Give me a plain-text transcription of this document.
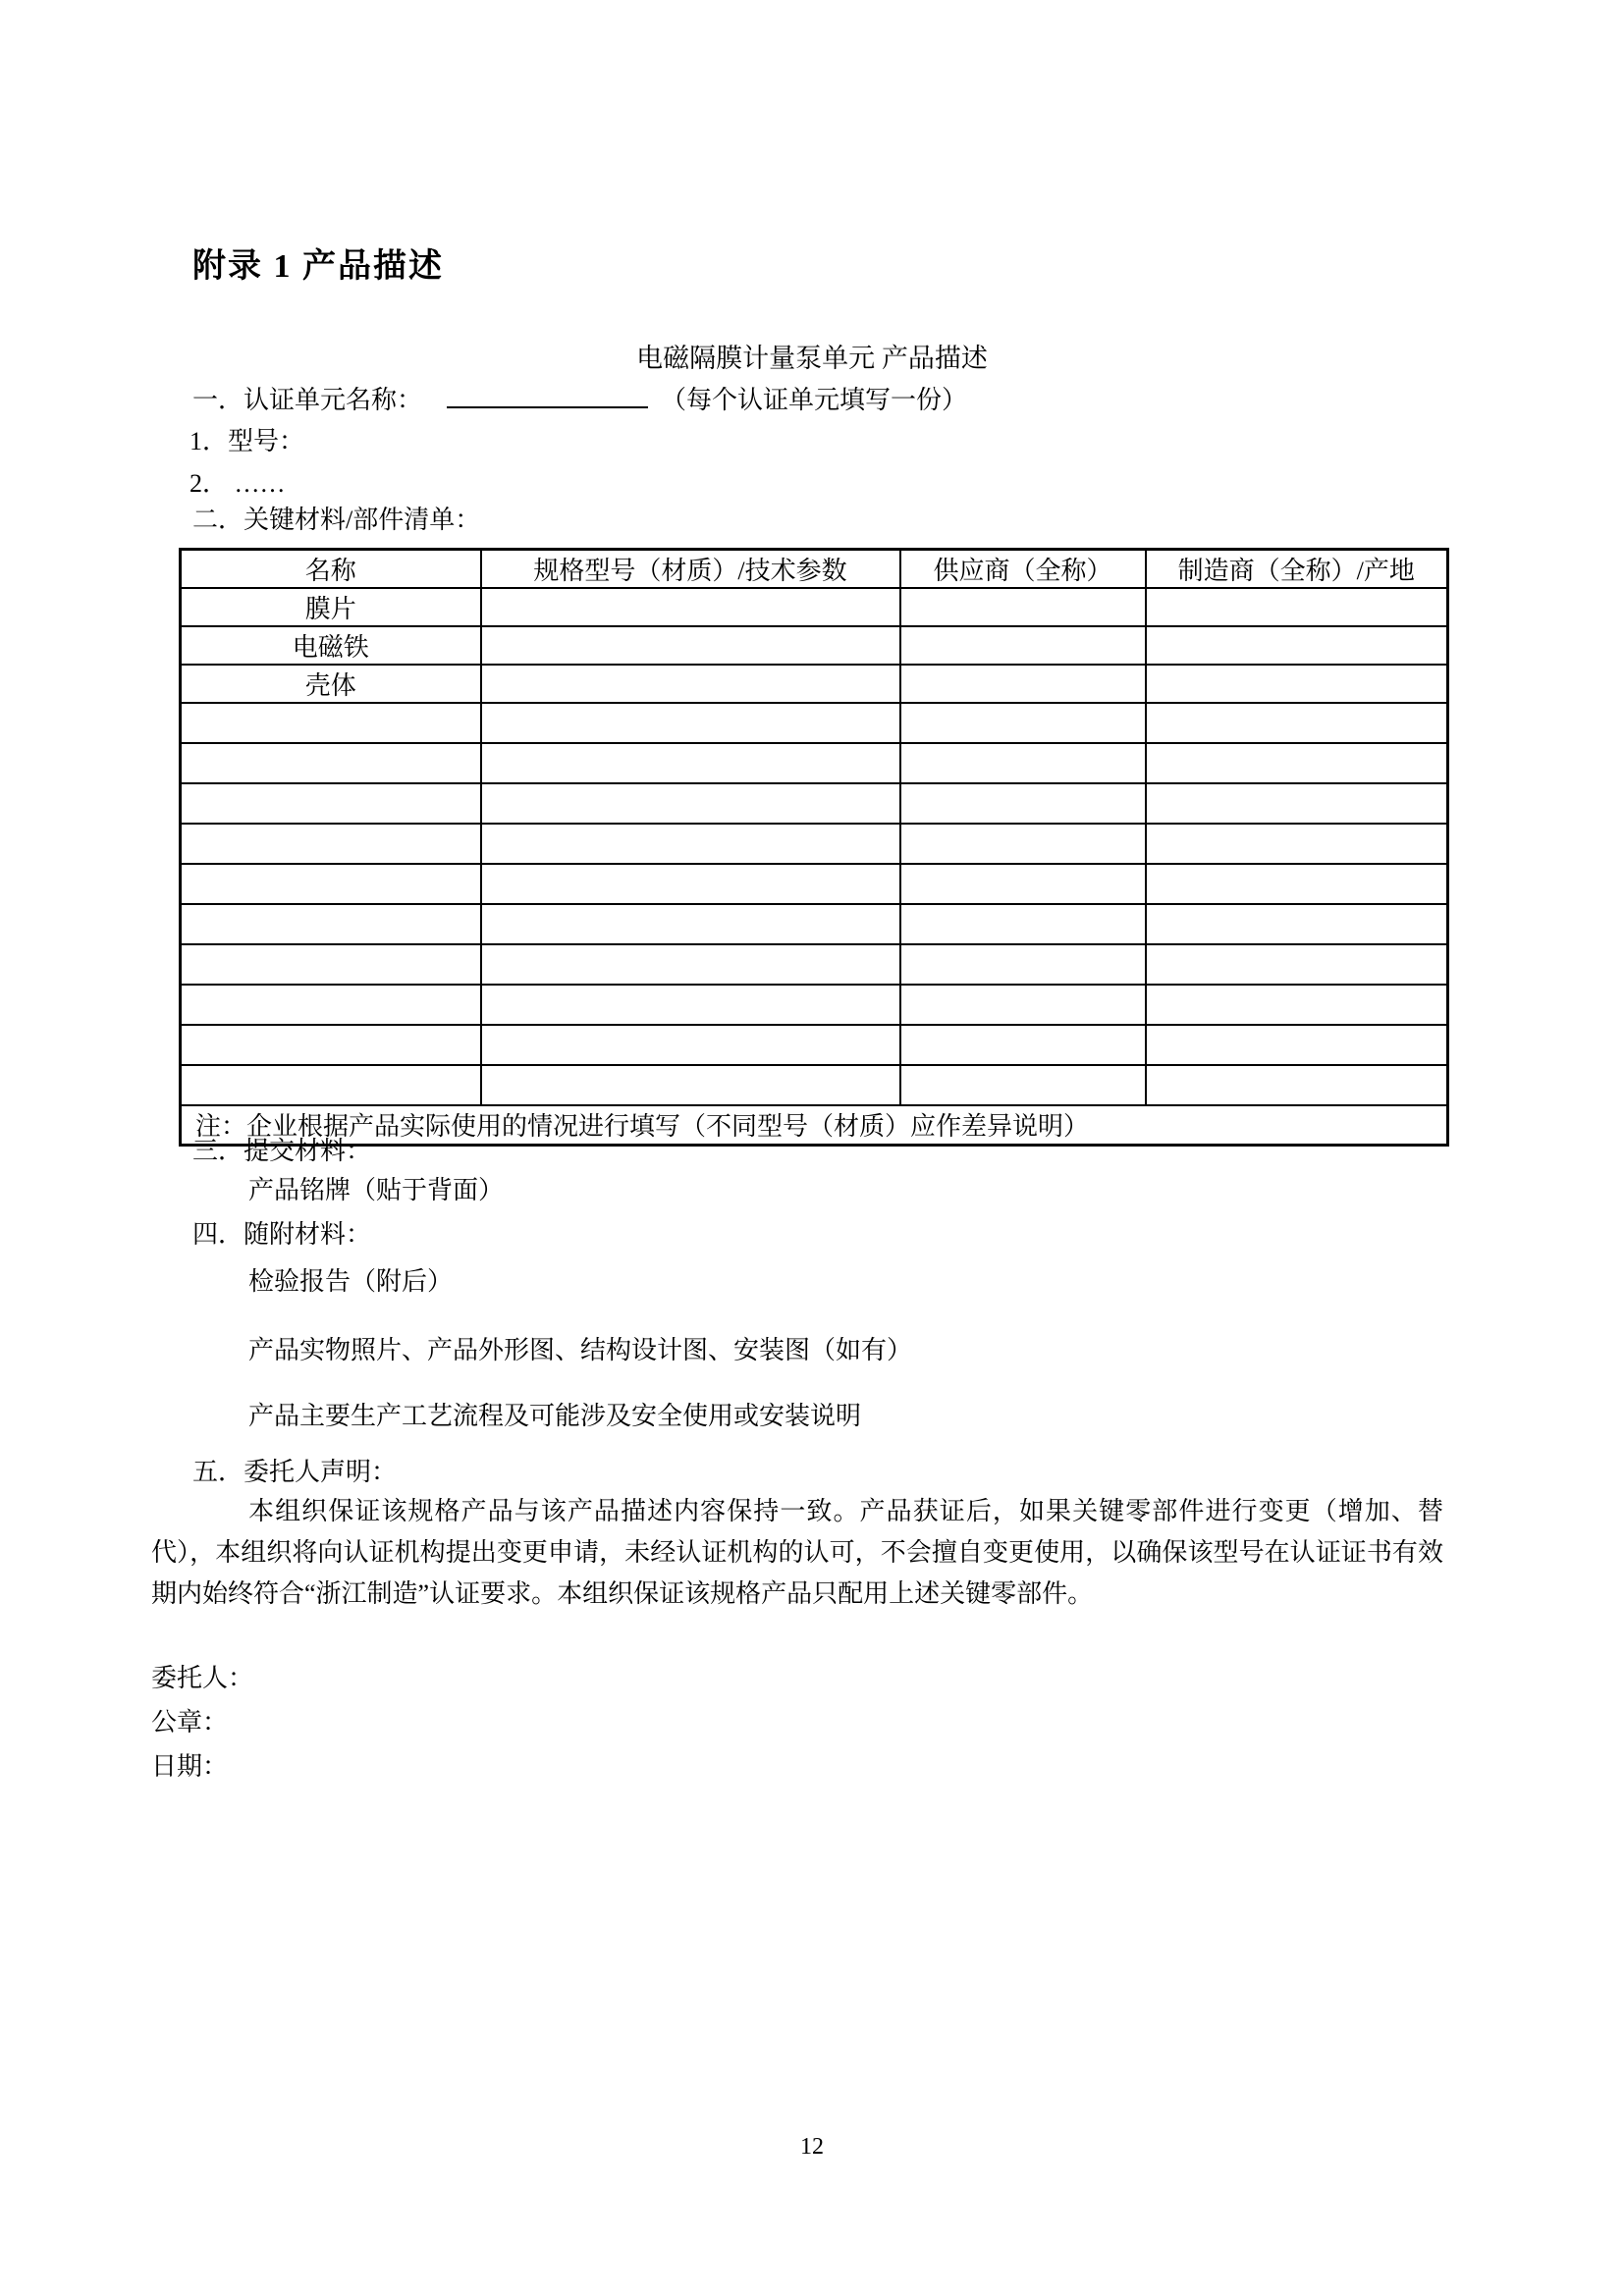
附录 1 产品描述
电磁隔膜计量泵单元 产品描述
一．认证单元名称：	（每个认证单元填写一份）
1．型号：
2． ……
二．关键材料/部件清单：
名称	规格型号（材质）/技术参数	供应商（全称）	制造商（全称）/产地
膜片			
电磁铁			
壳体			

注：企业根据产品实际使用的情况进行填写（不同型号（材质）应作差异说明）			
三．提交材料：
产品铭牌（贴于背面）
四．随附材料：
检验报告（附后）
产品实物照片、产品外形图、结构设计图、安装图（如有）
产品主要生产工艺流程及可能涉及安全使用或安装说明
五．委托人声明：
本组织保证该规格产品与该产品描述内容保持一致。产品获证后，如果关键零部件进行变更（增加、替代），本组织将向认证机构提出变更申请，未经认证机构的认可，不会擅自变更使用，以确保该型号在认证证书有效期内始终符合“浙江制造”认证要求。本组织保证该规格产品只配用上述关键零部件。
委托人：
公章：
日期：
12
